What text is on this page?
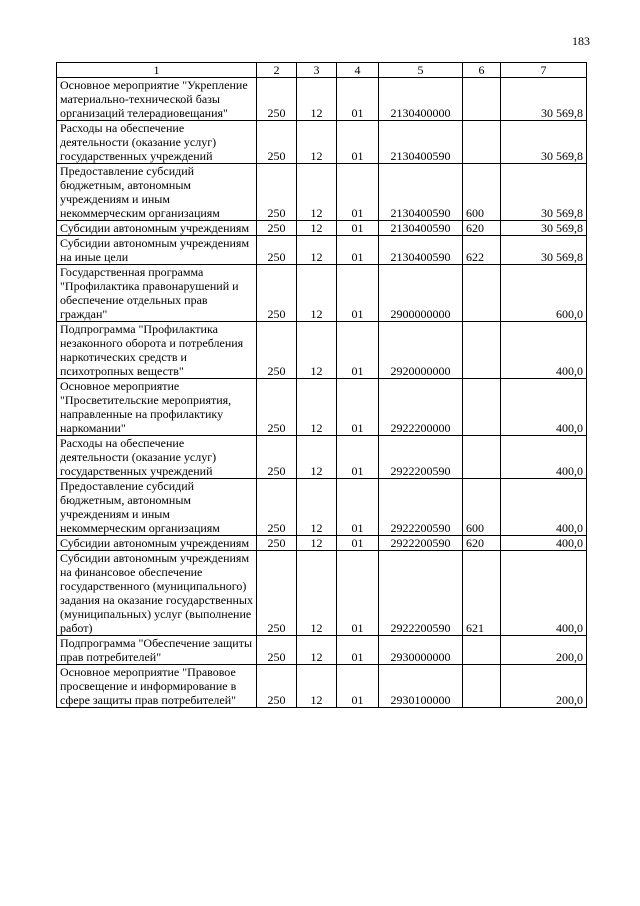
183
1	2	3	4	5	6	7
Основное мероприятие "Укрепление материально-технической базы организаций телерадиовещания"	250	12	01	2130400000		30 569,8
Расходы на обеспечение деятельности (оказание услуг) государственных учреждений	250	12	01	2130400590		30 569,8
Предоставление субсидий бюджетным, автономным учреждениям и иным некоммерческим организациям	250	12	01	2130400590	600	30 569,8
Субсидии автономным учреждениям	250	12	01	2130400590	620	30 569,8
Субсидии автономным учреждениям на иные цели	250	12	01	2130400590	622	30 569,8
Государственная программа "Профилактика правонарушений и обеспечение отдельных прав граждан"	250	12	01	2900000000		600,0
Подпрограмма "Профилактика незаконного оборота и потребления наркотических средств и психотропных веществ"	250	12	01	2920000000		400,0
Основное мероприятие "Просветительские мероприятия, направленные на профилактику наркомании"	250	12	01	2922200000		400,0
Расходы на обеспечение деятельности (оказание услуг) государственных учреждений	250	12	01	2922200590		400,0
Предоставление субсидий бюджетным, автономным учреждениям и иным некоммерческим организациям	250	12	01	2922200590	600	400,0
Субсидии автономным учреждениям	250	12	01	2922200590	620	400,0
Субсидии автономным учреждениям на финансовое обеспечение государственного (муниципального) задания на оказание государственных (муниципальных) услуг (выполнение работ)	250	12	01	2922200590	621	400,0
Подпрограмма "Обеспечение защиты прав потребителей"	250	12	01	2930000000		200,0
Основное мероприятие "Правовое просвещение и информирование в сфере защиты прав потребителей"	250	12	01	2930100000		200,0
